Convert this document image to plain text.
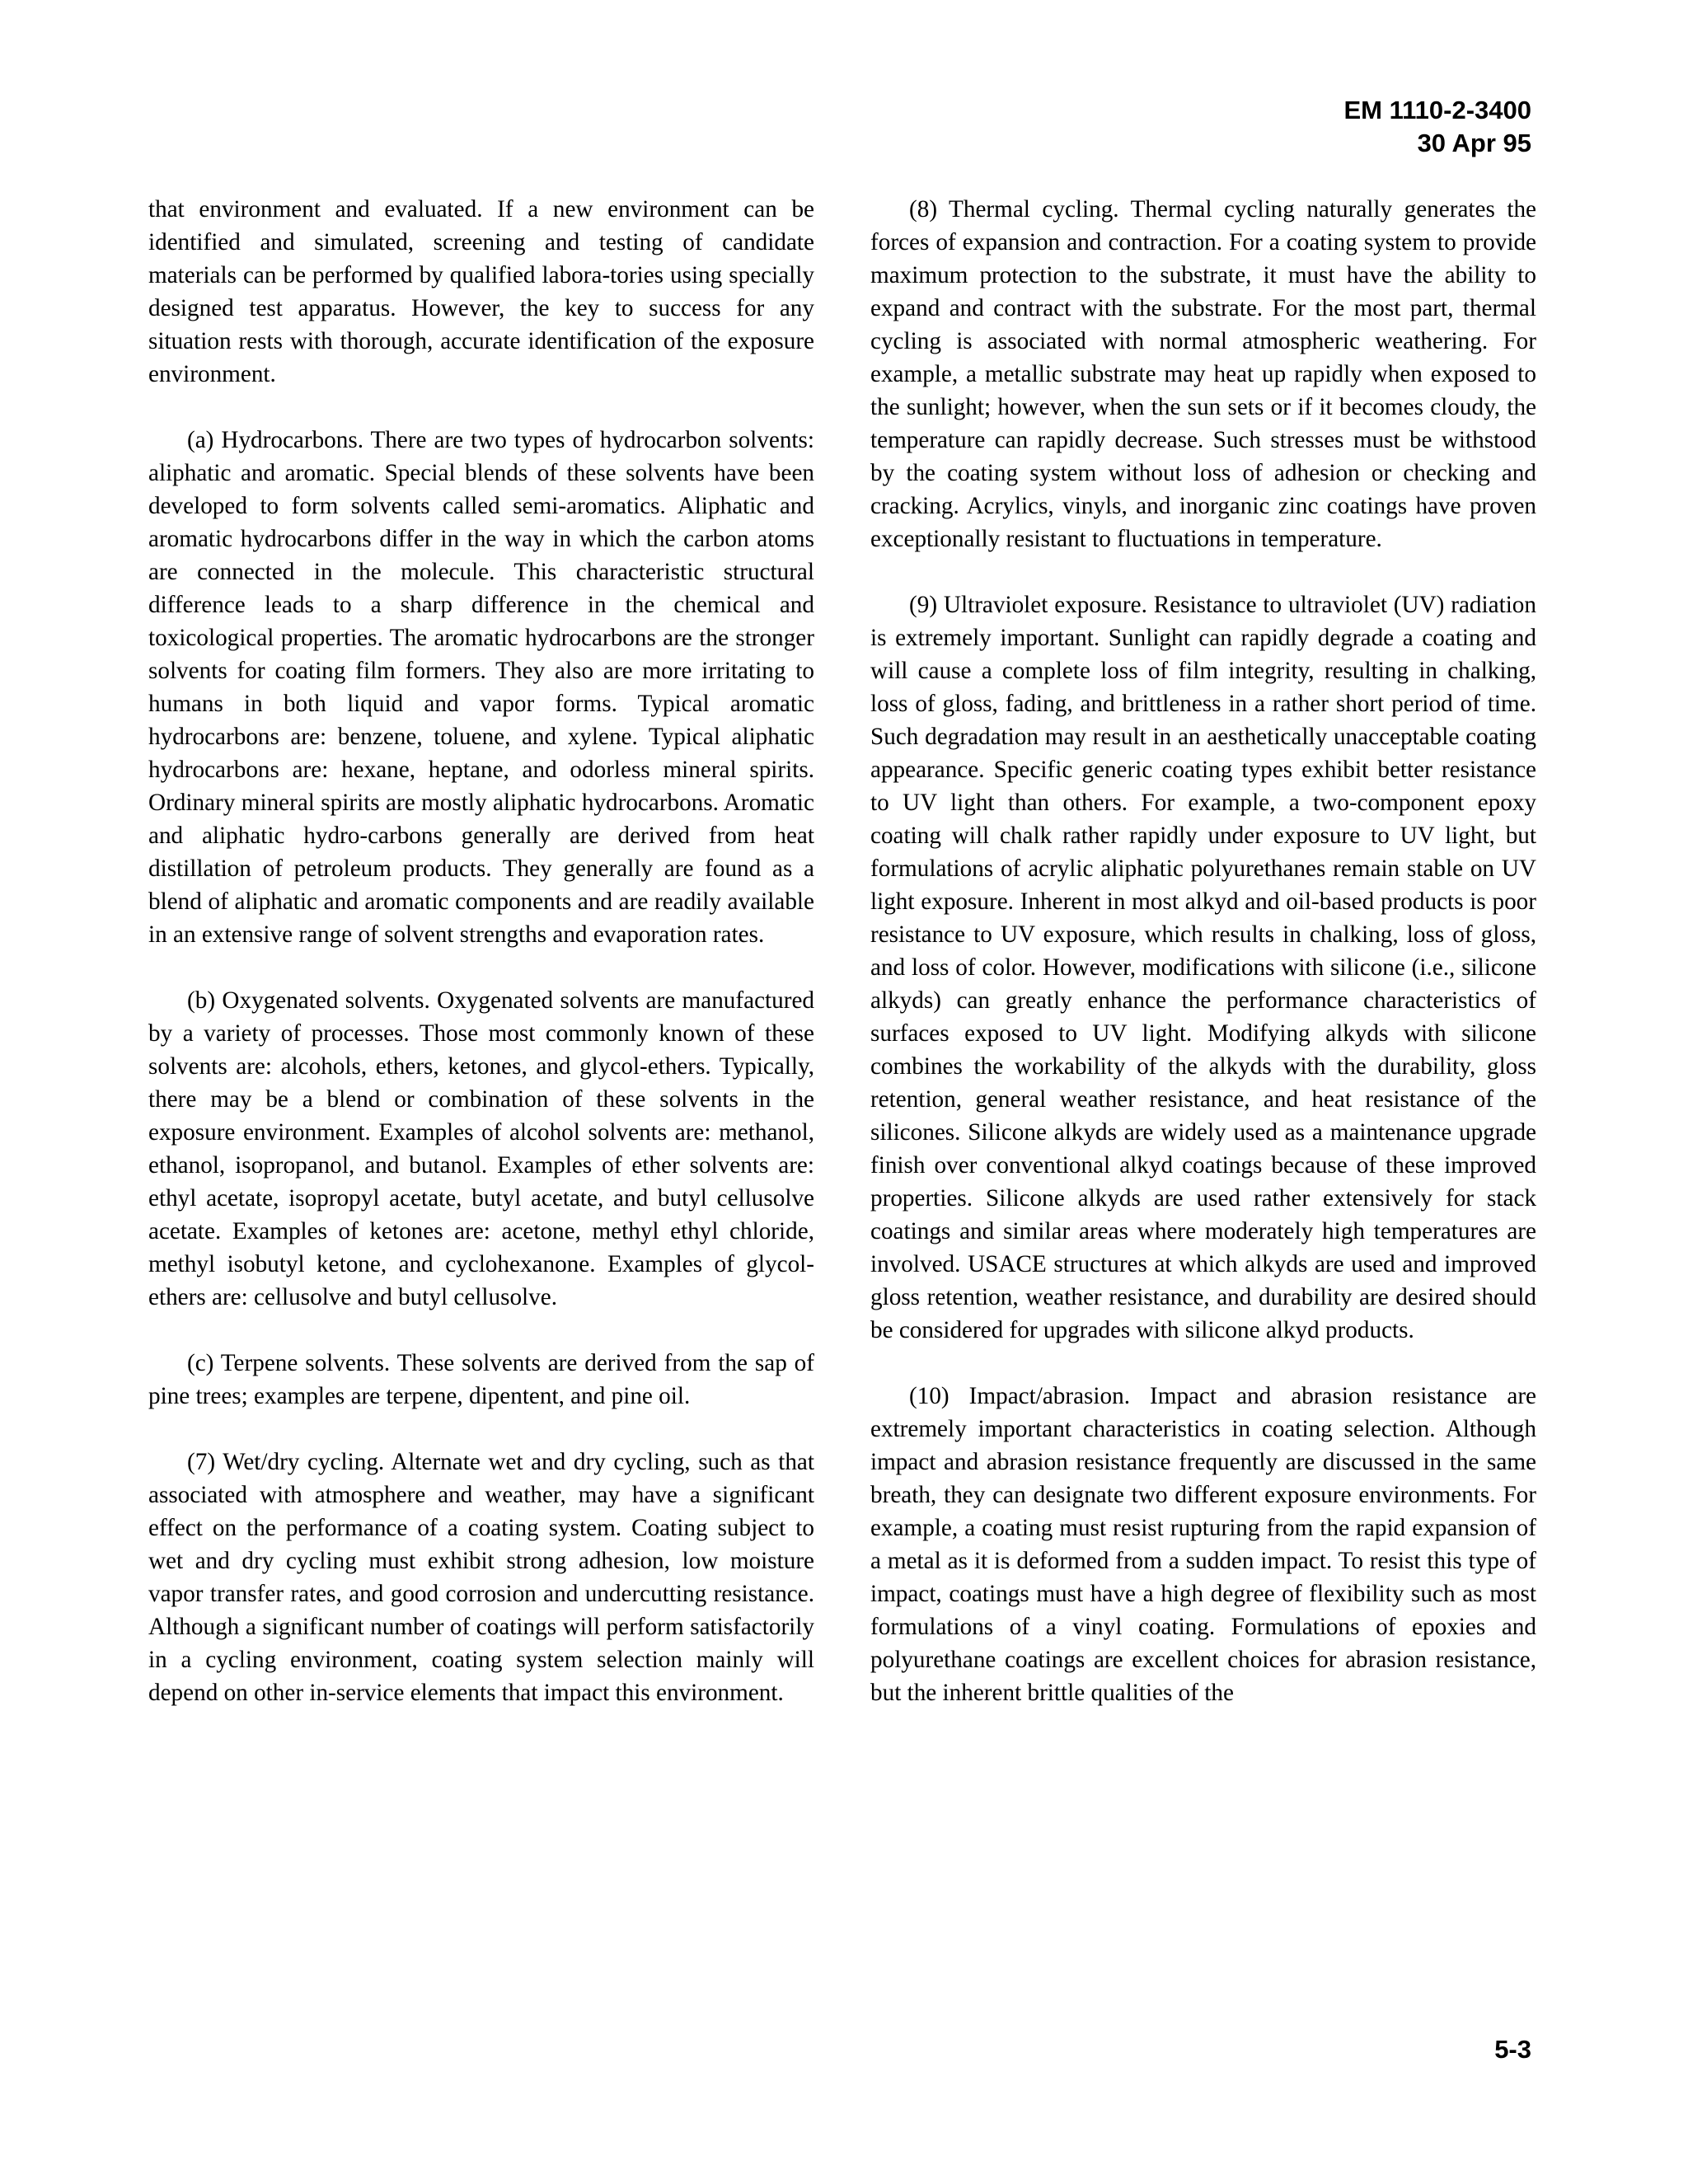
EM 1110-2-3400
30 Apr 95

that environment and evaluated. If a new environment can be identified and simulated, screening and testing of candidate materials can be performed by qualified labora-tories using specially designed test apparatus. However, the key to success for any situation rests with thorough, accurate identification of the exposure environment.

(a) Hydrocarbons. There are two types of hydrocarbon solvents: aliphatic and aromatic. Special blends of these solvents have been developed to form solvents called semi-aromatics. Aliphatic and aromatic hydrocarbons differ in the way in which the carbon atoms are connected in the molecule. This characteristic structural difference leads to a sharp difference in the chemical and toxicological properties. The aromatic hydrocarbons are the stronger solvents for coating film formers. They also are more irritating to humans in both liquid and vapor forms. Typical aromatic hydrocarbons are: benzene, toluene, and xylene. Typical aliphatic hydrocarbons are: hexane, heptane, and odorless mineral spirits. Ordinary mineral spirits are mostly aliphatic hydrocarbons. Aromatic and aliphatic hydro-carbons generally are derived from heat distillation of petroleum products. They generally are found as a blend of aliphatic and aromatic components and are readily available in an extensive range of solvent strengths and evaporation rates.

(b) Oxygenated solvents. Oxygenated solvents are manufactured by a variety of processes. Those most commonly known of these solvents are: alcohols, ethers, ketones, and glycol-ethers. Typically, there may be a blend or combination of these solvents in the exposure environment. Examples of alcohol solvents are: methanol, ethanol, isopropanol, and butanol. Examples of ether solvents are: ethyl acetate, isopropyl acetate, butyl acetate, and butyl cellusolve acetate. Examples of ketones are: acetone, methyl ethyl chloride, methyl isobutyl ketone, and cyclohexanone. Examples of glycol-ethers are: cellusolve and butyl cellusolve.

(c) Terpene solvents. These solvents are derived from the sap of pine trees; examples are terpene, dipentent, and pine oil.

(7) Wet/dry cycling. Alternate wet and dry cycling, such as that associated with atmosphere and weather, may have a significant effect on the performance of a coating system. Coating subject to wet and dry cycling must exhibit strong adhesion, low moisture vapor transfer rates, and good corrosion and undercutting resistance. Although a significant number of coatings will perform satisfactorily in a cycling environment, coating system selection mainly will depend on other in-service elements that impact this environment.

(8) Thermal cycling. Thermal cycling naturally generates the forces of expansion and contraction. For a coating system to provide maximum protection to the substrate, it must have the ability to expand and contract with the substrate. For the most part, thermal cycling is associated with normal atmospheric weathering. For example, a metallic substrate may heat up rapidly when exposed to the sunlight; however, when the sun sets or if it becomes cloudy, the temperature can rapidly decrease. Such stresses must be withstood by the coating system without loss of adhesion or checking and cracking. Acrylics, vinyls, and inorganic zinc coatings have proven exceptionally resistant to fluctuations in temperature.

(9) Ultraviolet exposure. Resistance to ultraviolet (UV) radiation is extremely important. Sunlight can rapidly degrade a coating and will cause a complete loss of film integrity, resulting in chalking, loss of gloss, fading, and brittleness in a rather short period of time. Such degradation may result in an aesthetically unacceptable coating appearance. Specific generic coating types exhibit better resistance to UV light than others. For example, a two-component epoxy coating will chalk rather rapidly under exposure to UV light, but formulations of acrylic aliphatic polyurethanes remain stable on UV light exposure. Inherent in most alkyd and oil-based products is poor resistance to UV exposure, which results in chalking, loss of gloss, and loss of color. However, modifications with silicone (i.e., silicone alkyds) can greatly enhance the performance characteristics of surfaces exposed to UV light. Modifying alkyds with silicone combines the workability of the alkyds with the durability, gloss retention, general weather resistance, and heat resistance of the silicones. Silicone alkyds are widely used as a maintenance upgrade finish over conventional alkyd coatings because of these improved properties. Silicone alkyds are used rather extensively for stack coatings and similar areas where moderately high temperatures are involved. USACE structures at which alkyds are used and improved gloss retention, weather resistance, and durability are desired should be considered for upgrades with silicone alkyd products.

(10) Impact/abrasion. Impact and abrasion resistance are extremely important characteristics in coating selection. Although impact and abrasion resistance frequently are discussed in the same breath, they can designate two different exposure environments. For example, a coating must resist rupturing from the rapid expansion of a metal as it is deformed from a sudden impact. To resist this type of impact, coatings must have a high degree of flexibility such as most formulations of a vinyl coating. Formulations of epoxies and polyurethane coatings are excellent choices for abrasion resistance, but the inherent brittle qualities of the

5-3
